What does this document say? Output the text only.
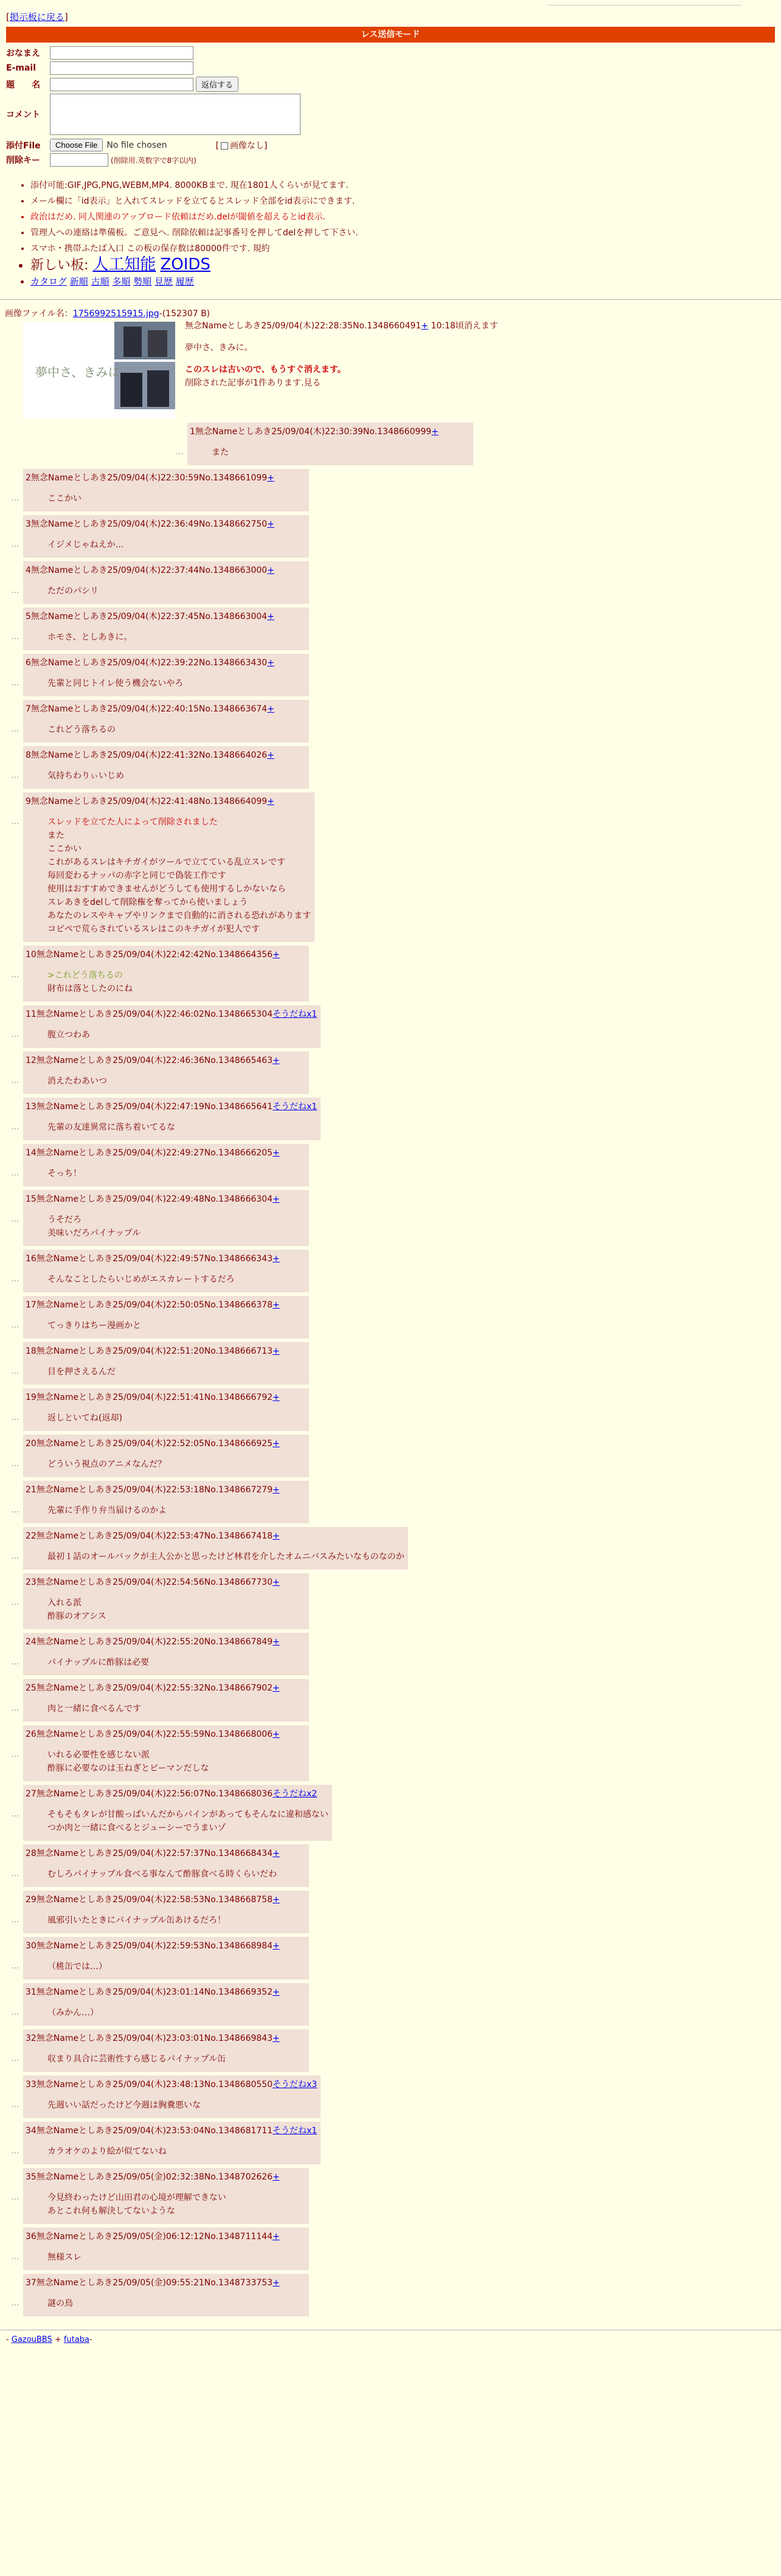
[掲示板に戻る]
レス送信モード
おなまえ
E-mail
題　　名	返信する
コメント
添付File	Choose File	No file chosen	[ 画像なし]
削除キー	(削除用.英数字で8字以内)
• 添付可能:GIF,JPG,PNG,WEBM,MP4. 8000KBまで. 現在1801人くらいが見てます.
• メール欄に「id表示」と入れてスレッドを立てるとスレッド全部をid表示にできます.
• 政治はだめ. 同人関連のアップロード依頼はだめ.delが閾値を超えるとid表示.
• 管理人への連絡は準備板。ご意見へ. 削除依頼は記事番号を押してdelを押して下さい.
• スマホ・携帯ふたば入口 この板の保存数は80000件です. 規約
• 新しい板: 人工知能 ZOIDS
• カタログ 新順 古順 多順 勢順 見歴 履歴
画像ファイル名：1756992515915.jpg-(152307 B)
夢中さ、きみに
無念Nameとしあき25/09/04(木)22:28:35No.1348660491+ 10:18頃消えます
夢中さ、きみに。
このスレは古いので、もうすぐ消えます。
削除された記事が1件あります.見る
…
1無念Nameとしあき25/09/04(木)22:30:39No.1348660999+
また
…
2無念Nameとしあき25/09/04(木)22:30:59No.1348661099+
ここかい
…
3無念Nameとしあき25/09/04(木)22:36:49No.1348662750+
イジメじゃねえか…
…
4無念Nameとしあき25/09/04(木)22:37:44No.1348663000+
ただのパシリ
…
5無念Nameとしあき25/09/04(木)22:37:45No.1348663004+
ホモさ、としあきに。
…
6無念Nameとしあき25/09/04(木)22:39:22No.1348663430+
先輩と同じトイレ使う機会ないやろ
…
7無念Nameとしあき25/09/04(木)22:40:15No.1348663674+
これどう落ちるの
…
8無念Nameとしあき25/09/04(木)22:41:32No.1348664026+
気持ちわりぃいじめ
…
9無念Nameとしあき25/09/04(木)22:41:48No.1348664099+
スレッドを立てた人によって削除されました
また
ここかい
これがあるスレはキチガイがツールで立てている乱立スレです
毎回変わるナッパの赤字と同じで偽装工作です
使用はおすすめできませんがどうしても使用するしかないなら
スレあきをdelして削除権を奪ってから使いましょう
あなたのレスやキャプやリンクまで自動的に消される恐れがあります
コピペで荒らされているスレはこのキチガイが犯人です
…
10無念Nameとしあき25/09/04(木)22:42:42No.1348664356+
>これどう落ちるの
財布は落としたのにね
…
11無念Nameとしあき25/09/04(木)22:46:02No.1348665304そうだねx1
腹立つわあ
…
12無念Nameとしあき25/09/04(木)22:46:36No.1348665463+
消えたわあいつ
…
13無念Nameとしあき25/09/04(木)22:47:19No.1348665641そうだねx1
先輩の友達異常に落ち着いてるな
…
14無念Nameとしあき25/09/04(木)22:49:27No.1348666205+
そっち！
…
15無念Nameとしあき25/09/04(木)22:49:48No.1348666304+
うそだろ
美味いだろパイナップル
…
16無念Nameとしあき25/09/04(木)22:49:57No.1348666343+
そんなことしたらいじめがエスカレートするだろ
…
17無念Nameとしあき25/09/04(木)22:50:05No.1348666378+
てっきりはちー漫画かと
…
18無念Nameとしあき25/09/04(木)22:51:20No.1348666713+
目を押さえるんだ
…
19無念Nameとしあき25/09/04(木)22:51:41No.1348666792+
返しといてね(返却)
…
20無念Nameとしあき25/09/04(木)22:52:05No.1348666925+
どういう視点のアニメなんだ？
…
21無念Nameとしあき25/09/04(木)22:53:18No.1348667279+
先輩に手作り弁当届けるのかよ
…
22無念Nameとしあき25/09/04(木)22:53:47No.1348667418+
最初１話のオールバックが主人公かと思ったけど林君を介したオムニバスみたいなものなのか
…
23無念Nameとしあき25/09/04(木)22:54:56No.1348667730+
入れる派
酢豚のオアシス
…
24無念Nameとしあき25/09/04(木)22:55:20No.1348667849+
パイナップルに酢豚は必要
…
25無念Nameとしあき25/09/04(木)22:55:32No.1348667902+
肉と一緒に食べるんです
…
26無念Nameとしあき25/09/04(木)22:55:59No.1348668006+
いれる必要性を感じない派
酢豚に必要なのは玉ねぎとピーマンだしな
…
27無念Nameとしあき25/09/04(木)22:56:07No.1348668036そうだねx2
そもそもタレが甘酸っぱいんだからパインがあってもそんなに違和感ない
つか肉と一緒に食べるとジューシーでうまいゾ
…
28無念Nameとしあき25/09/04(木)22:57:37No.1348668434+
むしろパイナップル食べる事なんて酢豚食べる時くらいだわ
…
29無念Nameとしあき25/09/04(木)22:58:53No.1348668758+
風邪引いたときにパイナップル缶あけるだろ！
…
30無念Nameとしあき25/09/04(木)22:59:53No.1348668984+
（桃缶では…）
…
31無念Nameとしあき25/09/04(木)23:01:14No.1348669352+
（みかん…）
…
32無念Nameとしあき25/09/04(木)23:03:01No.1348669843+
収まり具合に芸術性すら感じるパイナップル缶
…
33無念Nameとしあき25/09/04(木)23:48:13No.1348680550そうだねx3
先週いい話だったけど今週は胸糞悪いな
…
34無念Nameとしあき25/09/04(木)23:53:04No.1348681711そうだねx1
カラオケのより絵が似てないね
…
35無念Nameとしあき25/09/05(金)02:32:38No.1348702626+
今見終わったけど山田君の心境が理解できない
あとこれ何も解決してないような
…
36無念Nameとしあき25/09/05(金)06:12:12No.1348711144+
無様スレ
…
37無念Nameとしあき25/09/05(金)09:55:21No.1348733753+
謎の鳥
- GazouBBS + futaba-
